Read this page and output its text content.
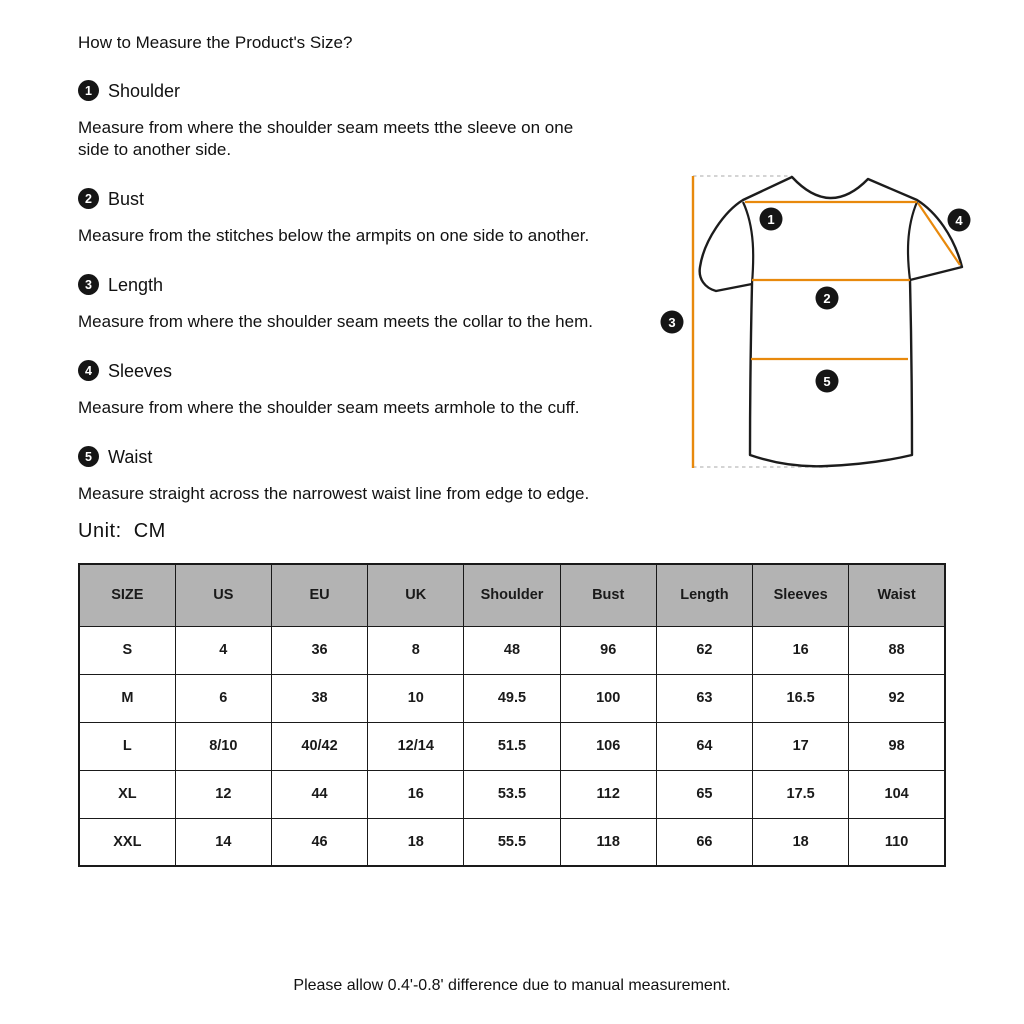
How to Measure the Product's Size?
1 Shoulder

Measure from where the shoulder seam meets tthe sleeve on one side to another side.

2 Bust

Measure from the stitches below the armpits on one side to another.

3 Length

Measure from where the shoulder seam meets the collar to the hem.

4 Sleeves

Measure from where the shoulder seam meets armhole to the cuff.

5 Waist

Measure straight across the narrowest waist line from edge to edge.

Unit:  CM
1
2
3
4
5
SIZE	US	EU	UK	Shoulder	Bust	Length	Sleeves	Waist
S	4	36	8	48	96	62	16	88
M	6	38	10	49.5	100	63	16.5	92
L	8/10	40/42	12/14	51.5	106	64	17	98
XL	12	44	16	53.5	112	65	17.5	104
XXL	14	46	18	55.5	118	66	18	110

Please allow 0.4'-0.8' difference due to manual measurement.
